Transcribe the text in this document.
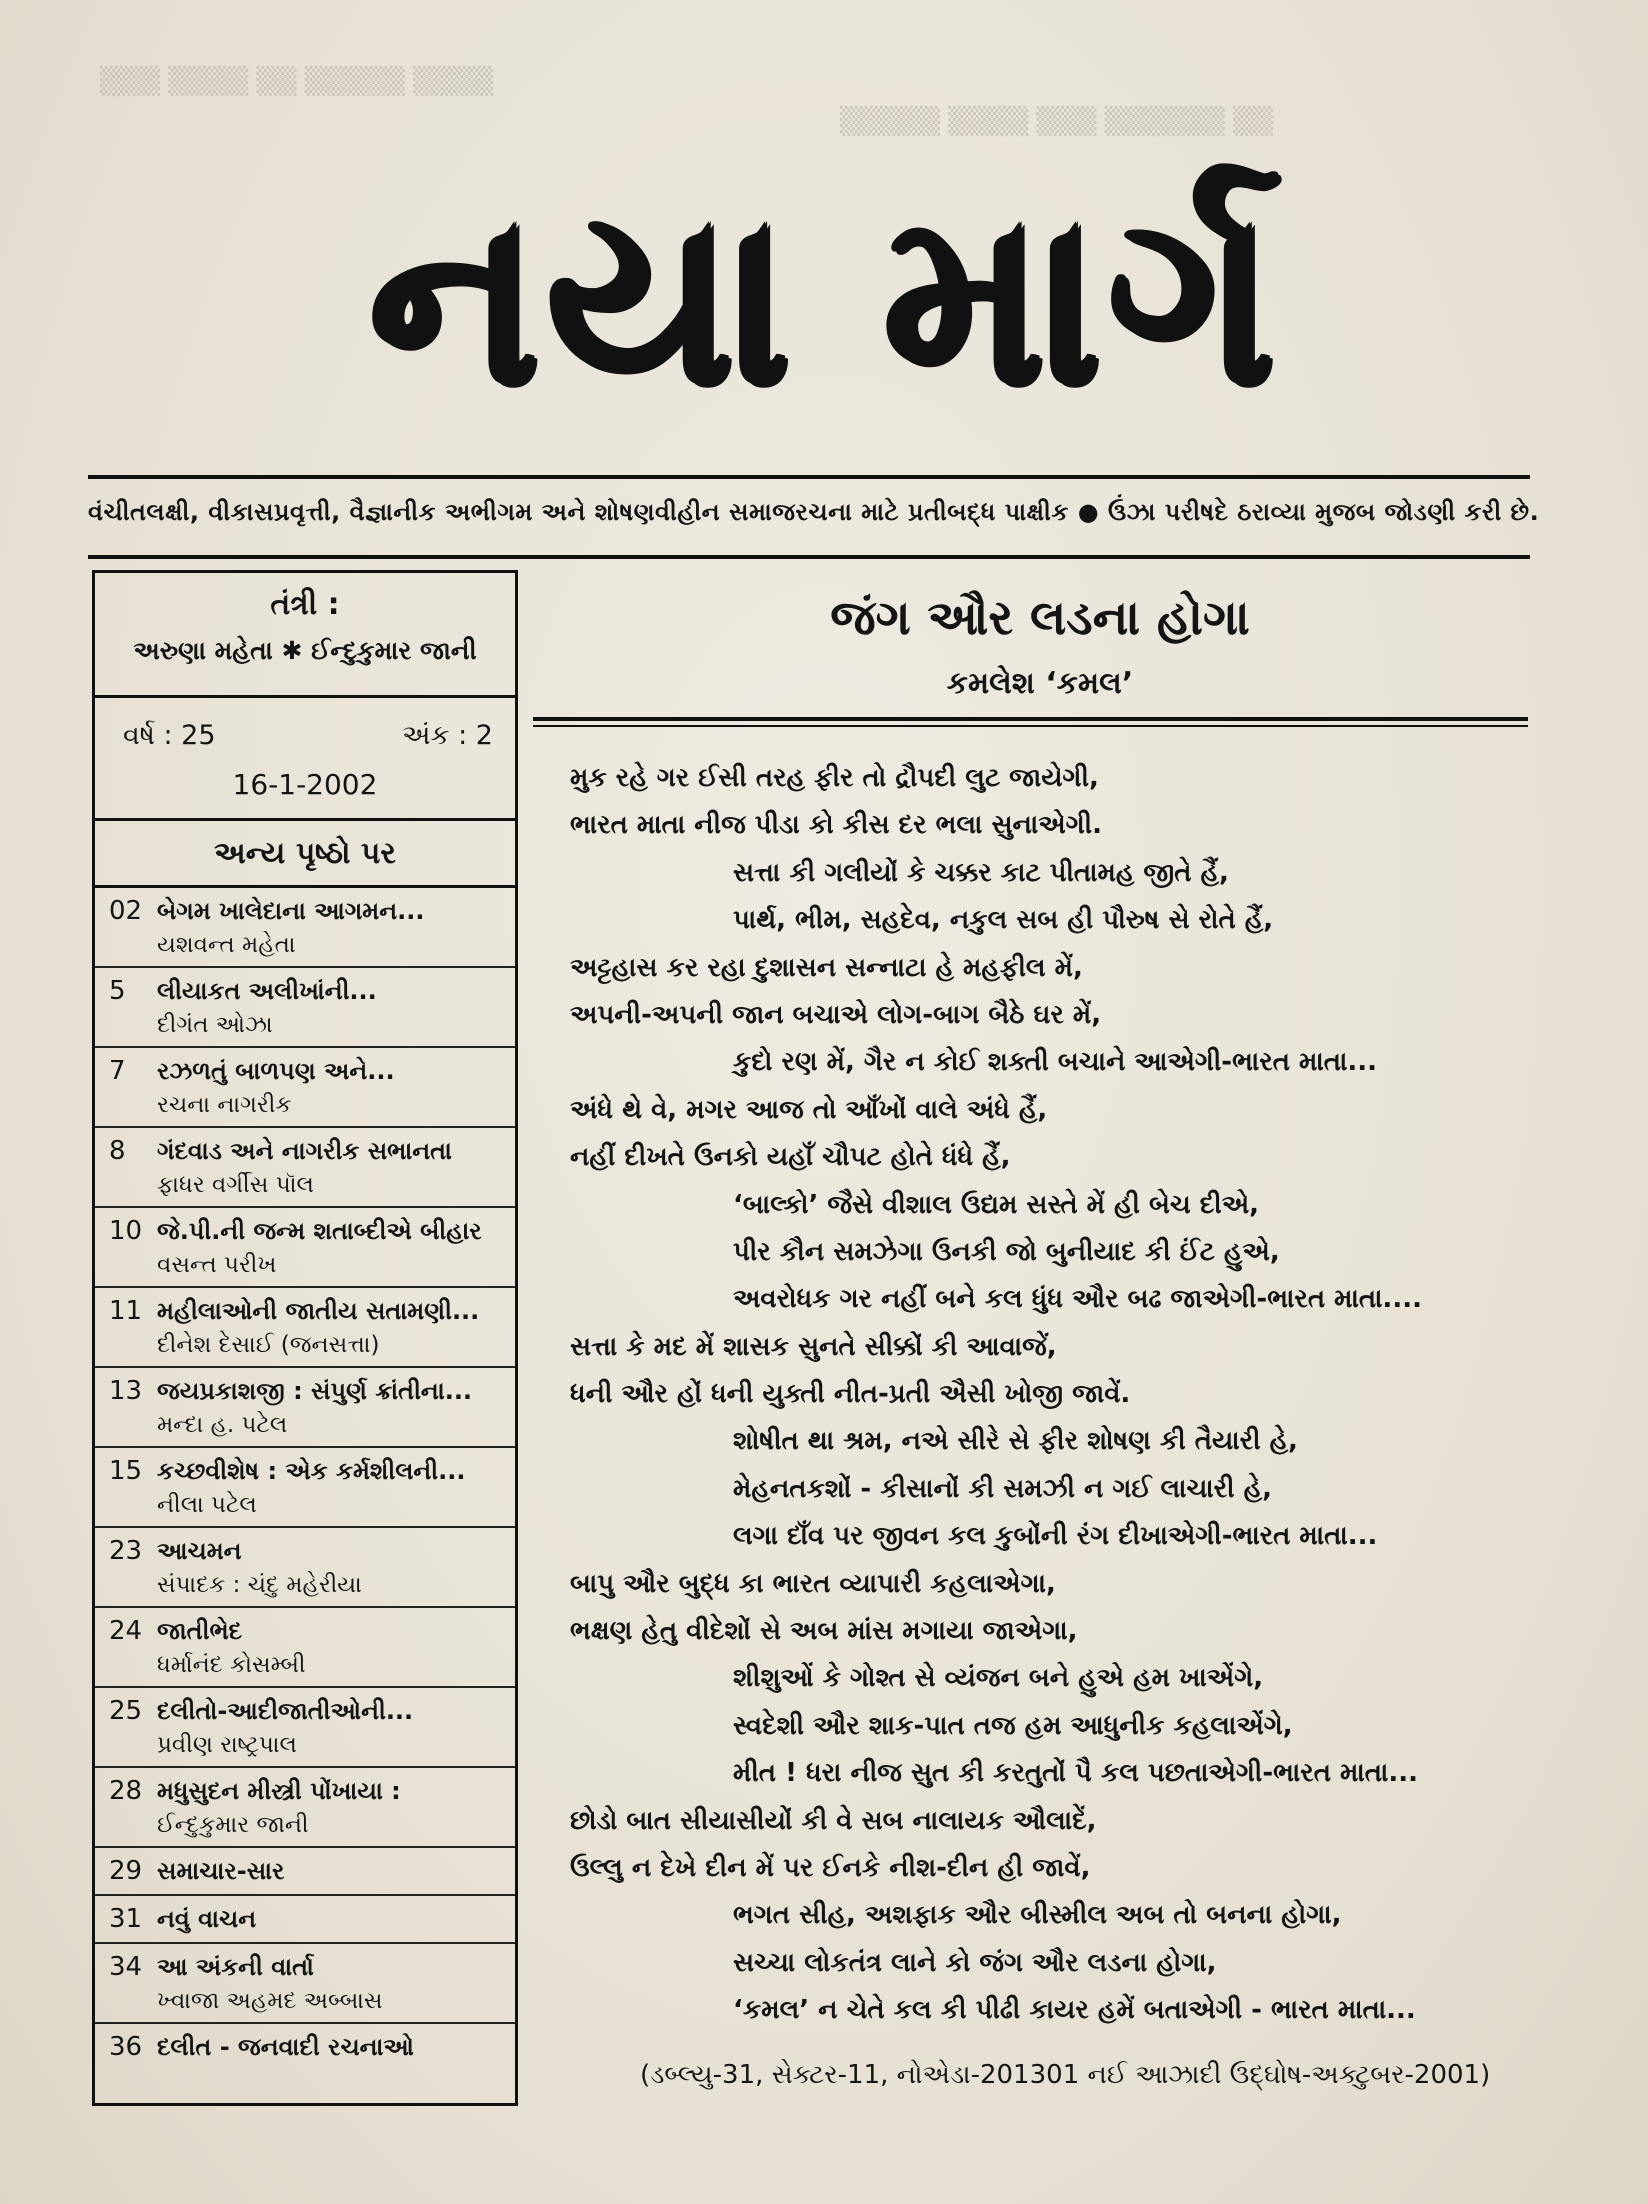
▒▒▒ ▒▒▒▒ ▒▒ ▒▒▒▒▒ ▒▒▒▒
▒▒▒▒▒ ▒▒▒▒ ▒▒▒ ▒▒▒▒▒▒ ▒▒
નયા માર્ગ
વંચીતલક્ષી, વીકાસપ્રવૃત્તી, વૈજ્ઞાનીક અભીગમ અને શોષણવીહીન સમાજરચના માટે પ્રતીબદ્ધ પાક્ષીક ● ઉંઝા પરીષદે ઠરાવ્યા મુજબ જોડણી કરી છે.
તંત્રી :
અરુણા મહેતા ✱ ઈન્દુકુમાર જાની
વર્ષ : 25	અંક : 2
16-1-2002
અન્ય પૃષ્ઠો પર
02 બેગમ ખાલેદાના આગમન...
યશવન્ત મહેતા
5 લીયાકત અલીખાંની...
દીગંત ઓઝા
7 રઝળતું બાળપણ અને...
રચના નાગરીક
8 ગંદવાડ અને નાગરીક સભાનતા
ફાધર વર્ગીસ પૉલ
10 જે.પી.ની જન્મ શતાબ્દીએ બીહાર
વસન્ત પરીખ
11 મહીલાઓની જાતીય સતામણી...
દીનેશ દેસાઈ (જનસત્તા)
13 જયપ્રકાશજી : સંપુર્ણ ક્રાંતીના...
મન્દા હ. પટેલ
15 કચ્છવીશેષ : એક કર્મશીલની...
નીલા પટેલ
23 આચમન
સંપાદક : ચંદુ મહેરીયા
24 જાતીભેદ
ધર્માનંદ કોસમ્બી
25 દલીતો-આદીજાતીઓની...
પ્રવીણ રાષ્ટ્રપાલ
28 મધુસુદન મીસ્ત્રી પોંખાયા :
ઈન્દુકુમાર જાની
29 સમાચાર-સાર
31 નવું વાચન
34 આ અંકની વાર્તા
ખ્વાજા અહમદ અબ્બાસ
36 દલીત - જનવાદી રચનાઓ
જંગ ઔર લડના હોગા
કમલેશ ‘કમલ’
મુક રહે ગર ઈસી તરહ ફીર તો દ્રૌપદી લુટ જાયેગી,
ભારત માતા નીજ પીડા કો કીસ દર ભલા સુનાએગી.
સત્તા કી ગલીયોં કે ચક્કર કાટ પીતામહ જીતે હૈં,
પાર્થ, ભીમ, સહદેવ, નકુલ સબ હી પૌરુષ સે રોતે હૈં,
અટ્ટહાસ કર રહા દુશાસન સન્નાટા હે મહફીલ મેં,
અપની-અપની જાન બચાએ લોગ-બાગ બૈઠે ઘર મેં,
કુદો રણ મેં, ગૈર ન કોઈ શક્તી બચાને આએગી-ભારત માતા...
અંધે થે વે, મગર આજ તો આઁખોં વાલે અંધે હૈં,
નહીં દીખતે ઉનકો યહાઁ ચૌપટ હોતે ધંધે હૈં,
‘બાલ્કો’ જૈસે વીશાલ ઉદ્યમ સસ્તે મેં હી બેચ દીએ,
પીર કૌન સમઝેગા ઉનકી જો બુનીયાદ કી ઈંટ હુએ,
અવરોધક ગર નહીં બને કલ ધુંધ ઔર બઢ જાએગી-ભારત માતા....
સત્તા કે મદ મેં શાસક સુનતે સીક્કોં કી આવાજેં,
ધની ઔર હોં ધની યુક્તી નીત-પ્રતી ઐસી ખોજી જાવેં.
શોષીત થા શ્રમ, નએ સીરે સે ફીર શોષણ કી તૈયારી હે,
મેહનતકશોં - કીસાનોં કી સમઝી ન ગઈ લાચારી હે,
લગા દાઁવ પર જીવન કલ કુબોંની રંગ દીખાએગી-ભારત માતા...
બાપુ ઔર બુદ્ધ કા ભારત વ્યાપારી કહલાએગા,
ભક્ષણ હેતુ વીદેશોં સે અબ માંસ મગાયા જાએગા,
શીશુઓં કે ગોશ્ત સે વ્યંજન બને હુએ હમ ખાએંગે,
સ્વદેશી ઔર શાક-પાત તજ હમ આધુનીક કહલાએંગે,
મીત ! ધરા નીજ સુત કી કરતુતોં પૈ કલ પછતાએગી-ભારત માતા...
છોડો બાત સીયાસીયોં કી વે સબ નાલાયક ઔલાદેં,
ઉલ્લુ ન દેખે દીન મેં પર ઈનકે નીશ-દીન હી જાવેં,
ભગત સીહ, અશફાક ઔર બીસ્મીલ અબ તો બનના હોગા,
સચ્ચા લોકતંત્ર લાને કો જંગ ઔર લડના હોગા,
‘કમલ’ ન ચેતે કલ કી પીઢી કાયર હમેં બતાએગી - ભારત માતા...
(ડબ્લ્યુ-31, સેક્ટર-11, નોએડા-201301 નઈ આઝાદી ઉદ્ઘોષ-અક્ટુબર-2001)
